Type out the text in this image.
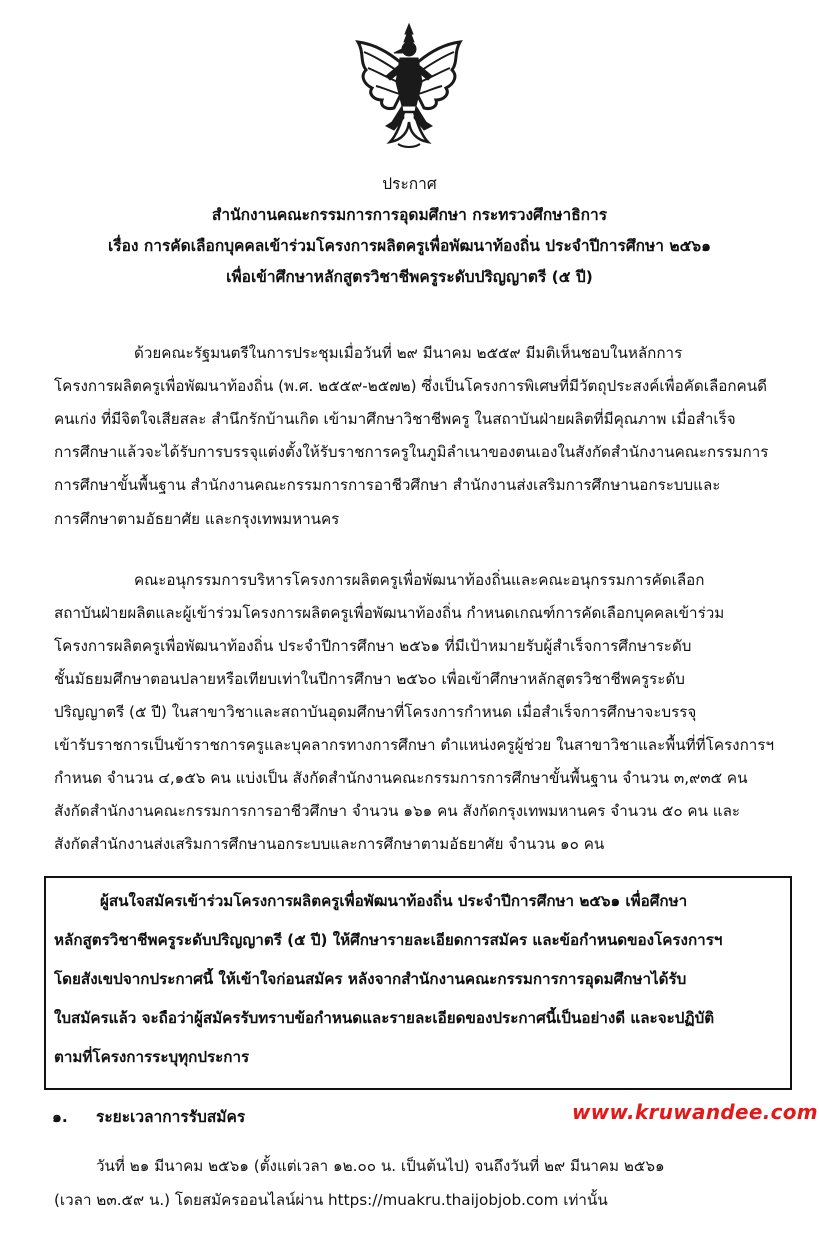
ประกาศ
สำนักงานคณะกรรมการการอุดมศึกษา กระทรวงศึกษาธิการ
เรื่อง การคัดเลือกบุคคลเข้าร่วมโครงการผลิตครูเพื่อพัฒนาท้องถิ่น ประจำปีการศึกษา ๒๕๖๑
เพื่อเข้าศึกษาหลักสูตรวิชาชีพครูระดับปริญญาตรี (๕ ปี)
ด้วยคณะรัฐมนตรีในการประชุมเมื่อวันที่ ๒๙ มีนาคม ๒๕๕๙ มีมติเห็นชอบในหลักการ
โครงการผลิตครูเพื่อพัฒนาท้องถิ่น (พ.ศ. ๒๕๕๙-๒๕๗๒) ซึ่งเป็นโครงการพิเศษที่มีวัตถุประสงค์เพื่อคัดเลือกคนดี
คนเก่ง ที่มีจิตใจเสียสละ สำนึกรักบ้านเกิด เข้ามาศึกษาวิชาชีพครู ในสถาบันฝ่ายผลิตที่มีคุณภาพ เมื่อสำเร็จ
การศึกษาแล้วจะได้รับการบรรจุแต่งตั้งให้รับราชการครูในภูมิลำเนาของตนเองในสังกัดสำนักงานคณะกรรมการ
การศึกษาขั้นพื้นฐาน สำนักงานคณะกรรมการการอาชีวศึกษา สำนักงานส่งเสริมการศึกษานอกระบบและ
การศึกษาตามอัธยาศัย และกรุงเทพมหานคร
คณะอนุกรรมการบริหารโครงการผลิตครูเพื่อพัฒนาท้องถิ่นและคณะอนุกรรมการคัดเลือก
สถาบันฝ่ายผลิตและผู้เข้าร่วมโครงการผลิตครูเพื่อพัฒนาท้องถิ่น กำหนดเกณฑ์การคัดเลือกบุคคลเข้าร่วม
โครงการผลิตครูเพื่อพัฒนาท้องถิ่น ประจำปีการศึกษา ๒๕๖๑ ที่มีเป้าหมายรับผู้สำเร็จการศึกษาระดับ
ชั้นมัธยมศึกษาตอนปลายหรือเทียบเท่าในปีการศึกษา ๒๕๖๐ เพื่อเข้าศึกษาหลักสูตรวิชาชีพครูระดับ
ปริญญาตรี (๕ ปี) ในสาขาวิชาและสถาบันอุดมศึกษาที่โครงการกำหนด เมื่อสำเร็จการศึกษาจะบรรจุ
เข้ารับราชการเป็นข้าราชการครูและบุคลากรทางการศึกษา ตำแหน่งครูผู้ช่วย ในสาขาวิชาและพื้นที่ที่โครงการฯ
กำหนด จำนวน ๔,๑๕๖ คน แบ่งเป็น สังกัดสำนักงานคณะกรรมการการศึกษาขั้นพื้นฐาน จำนวน ๓,๙๓๕ คน
สังกัดสำนักงานคณะกรรมการการอาชีวศึกษา จำนวน ๑๖๑ คน สังกัดกรุงเทพมหานคร จำนวน ๕๐ คน และ
สังกัดสำนักงานส่งเสริมการศึกษานอกระบบและการศึกษาตามอัธยาศัย จำนวน ๑๐ คน
ผู้สนใจสมัครเข้าร่วมโครงการผลิตครูเพื่อพัฒนาท้องถิ่น ประจำปีการศึกษา ๒๕๖๑ เพื่อศึกษา
หลักสูตรวิชาชีพครูระดับปริญญาตรี (๕ ปี) ให้ศึกษารายละเอียดการสมัคร และข้อกำหนดของโครงการฯ
โดยสังเขปจากประกาศนี้ ให้เข้าใจก่อนสมัคร หลังจากสำนักงานคณะกรรมการการอุดมศึกษาได้รับ
ใบสมัครแล้ว จะถือว่าผู้สมัครรับทราบข้อกำหนดและรายละเอียดของประกาศนี้เป็นอย่างดี และจะปฏิบัติ
ตามที่โครงการระบุทุกประการ
๑. ระยะเวลาการรับสมัคร	www.kruwandee.com
วันที่ ๒๑ มีนาคม ๒๕๖๑ (ตั้งแต่เวลา ๑๒.๐๐ น. เป็นต้นไป) จนถึงวันที่ ๒๙ มีนาคม ๒๕๖๑
(เวลา ๒๓.๕๙ น.) โดยสมัครออนไลน์ผ่าน https://muakru.thaijobjob.com เท่านั้น
